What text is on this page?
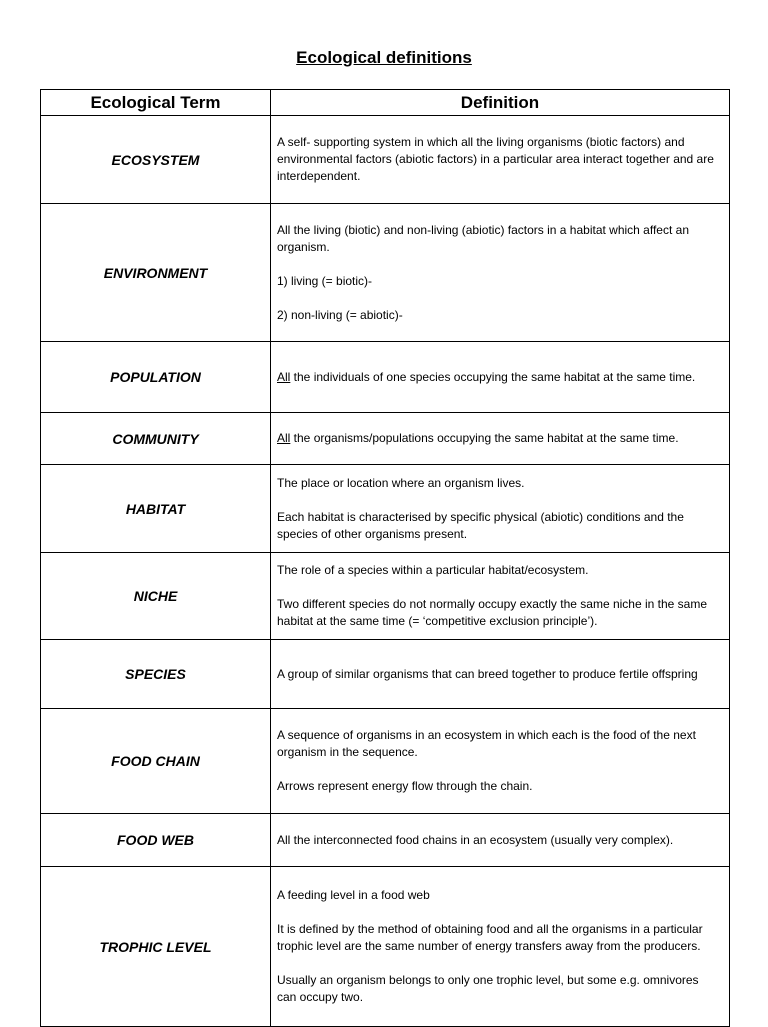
Ecological definitions
Ecological Term	Definition
ECOSYSTEM	A self- supporting system in which all the living organisms (biotic factors) and environmental factors (abiotic factors) in a particular area interact together and are interdependent.

ENVIRONMENT	All the living (biotic) and non-living (abiotic) factors in a habitat which affect an organism.
1) living (= biotic)-
2) non-living (= abiotic)-

POPULATION	All the individuals of one species occupying the same habitat at the same time.

COMMUNITY	All the organisms/populations occupying the same habitat at the same time.

HABITAT	The place or location where an organism lives.
Each habitat is characterised by specific physical (abiotic) conditions and the species of other organisms present.

NICHE	The role of a species within a particular habitat/ecosystem.
Two different species do not normally occupy exactly the same niche in the same habitat at the same time (= ‘competitive exclusion principle’).

SPECIES	A group of similar organisms that can breed together to produce fertile offspring

FOOD CHAIN	A sequence of organisms in an ecosystem in which each is the food of the next organism in the sequence.
Arrows represent energy flow through the chain.

FOOD WEB	All the interconnected food chains in an ecosystem (usually very complex).

TROPHIC LEVEL	A feeding level in a food web
It is defined by the method of obtaining food and all the organisms in a particular trophic level are the same number of energy transfers away from the producers.
Usually an organism belongs to only one trophic level, but some e.g. omnivores can occupy two.
